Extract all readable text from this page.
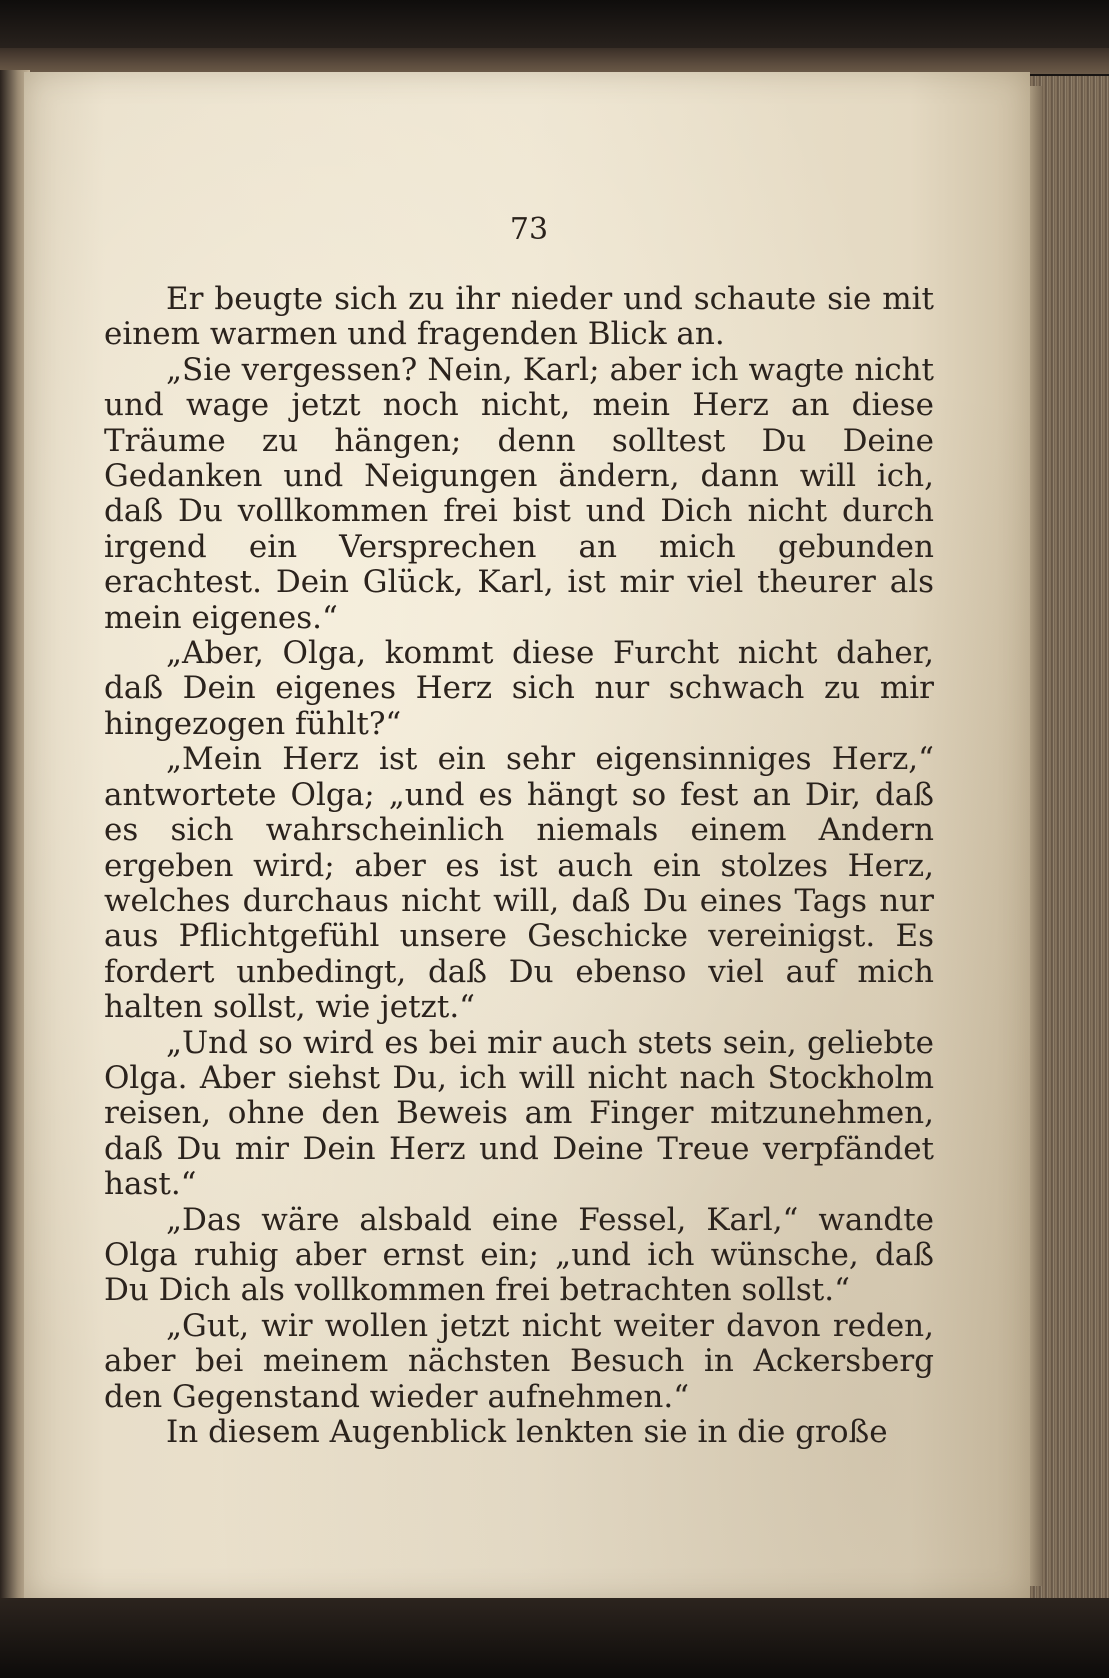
73

Er beugte sich zu ihr nieder und schaute sie mit einem warmen und fragenden Blick an.

„Sie vergessen? Nein, Karl; aber ich wagte nicht und wage jetzt noch nicht, mein Herz an diese Träume zu hängen; denn solltest Du Deine Gedanken und Neigungen ändern, dann will ich, daß Du vollkommen frei bist und Dich nicht durch irgend ein Versprechen an mich gebunden erachtest. Dein Glück, Karl, ist mir viel theurer als mein eigenes.“

„Aber, Olga, kommt diese Furcht nicht daher, daß Dein eigenes Herz sich nur schwach zu mir hingezogen fühlt?“

„Mein Herz ist ein sehr eigensinniges Herz,“ antwortete Olga; „und es hängt so fest an Dir, daß es sich wahrscheinlich niemals einem Andern ergeben wird; aber es ist auch ein stolzes Herz, welches durchaus nicht will, daß Du eines Tags nur aus Pflichtgefühl unsere Geschicke vereinigst. Es fordert unbedingt, daß Du ebenso viel auf mich halten sollst, wie jetzt.“

„Und so wird es bei mir auch stets sein, geliebte Olga. Aber siehst Du, ich will nicht nach Stockholm reisen, ohne den Beweis am Finger mitzunehmen, daß Du mir Dein Herz und Deine Treue verpfändet hast.“

„Das wäre alsbald eine Fessel, Karl,“ wandte Olga ruhig aber ernst ein; „und ich wünsche, daß Du Dich als vollkommen frei betrachten sollst.“

„Gut, wir wollen jetzt nicht weiter davon reden, aber bei meinem nächsten Besuch in Ackersberg den Gegenstand wieder aufnehmen.“

In diesem Augenblick lenkten sie in die große
